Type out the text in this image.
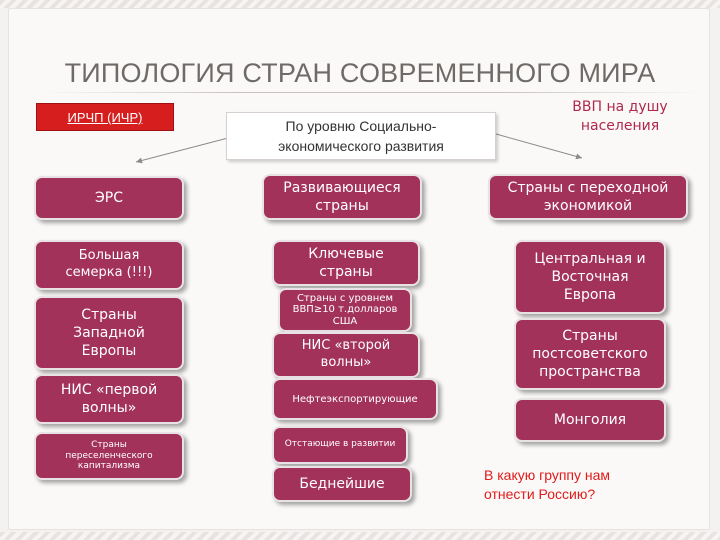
ТИПОЛОГИЯ СТРАН СОВРЕМЕННОГО МИРА
ИРЧП (ИЧР)
По уровню Социально-
экономического развития
ВВП на душу
населения
ЭРС
Большая
семерка (!!!)
Страны
Западной
Европы
НИС «первой
волны»
Страны
переселенческого
капитализма
Развивающиеся
страны
Ключевые
страны
Страны с уровнем
ВВП≥10 т.долларов
США
НИС «второй
волны»
Нефтеэкспортирующие
Отстающие в развитии
Беднейшие
Страны с переходной
экономикой
Центральная и
Восточная
Европа
Страны
постсоветского
пространства
Монголия
В какую группу нам
отнести Россию?
